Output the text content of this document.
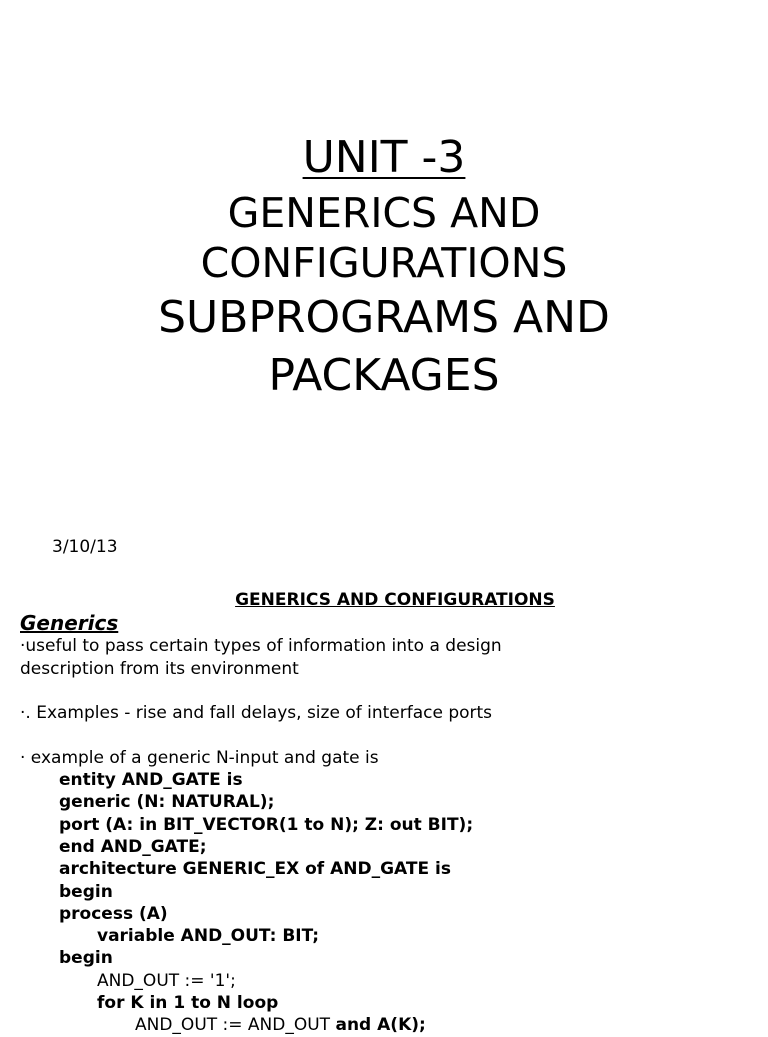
UNIT -3
GENERICS AND
CONFIGURATIONS
SUBPROGRAMS AND
PACKAGES
3/10/13
GENERICS AND CONFIGURATIONS
Generics
·useful to pass certain types of information into a design
description from its environment
·. Examples - rise and fall delays, size of interface ports
· example of a generic N-input and gate is
entity AND_GATE is
generic (N: NATURAL);
port (A: in BIT_VECTOR(1 to N); Z: out BIT);
end AND_GATE;
architecture GENERIC_EX of AND_GATE is
begin
process (A)
variable AND_OUT: BIT;
begin
AND_OUT := '1';
for K in 1 to N loop
AND_OUT := AND_OUT and A(K);
